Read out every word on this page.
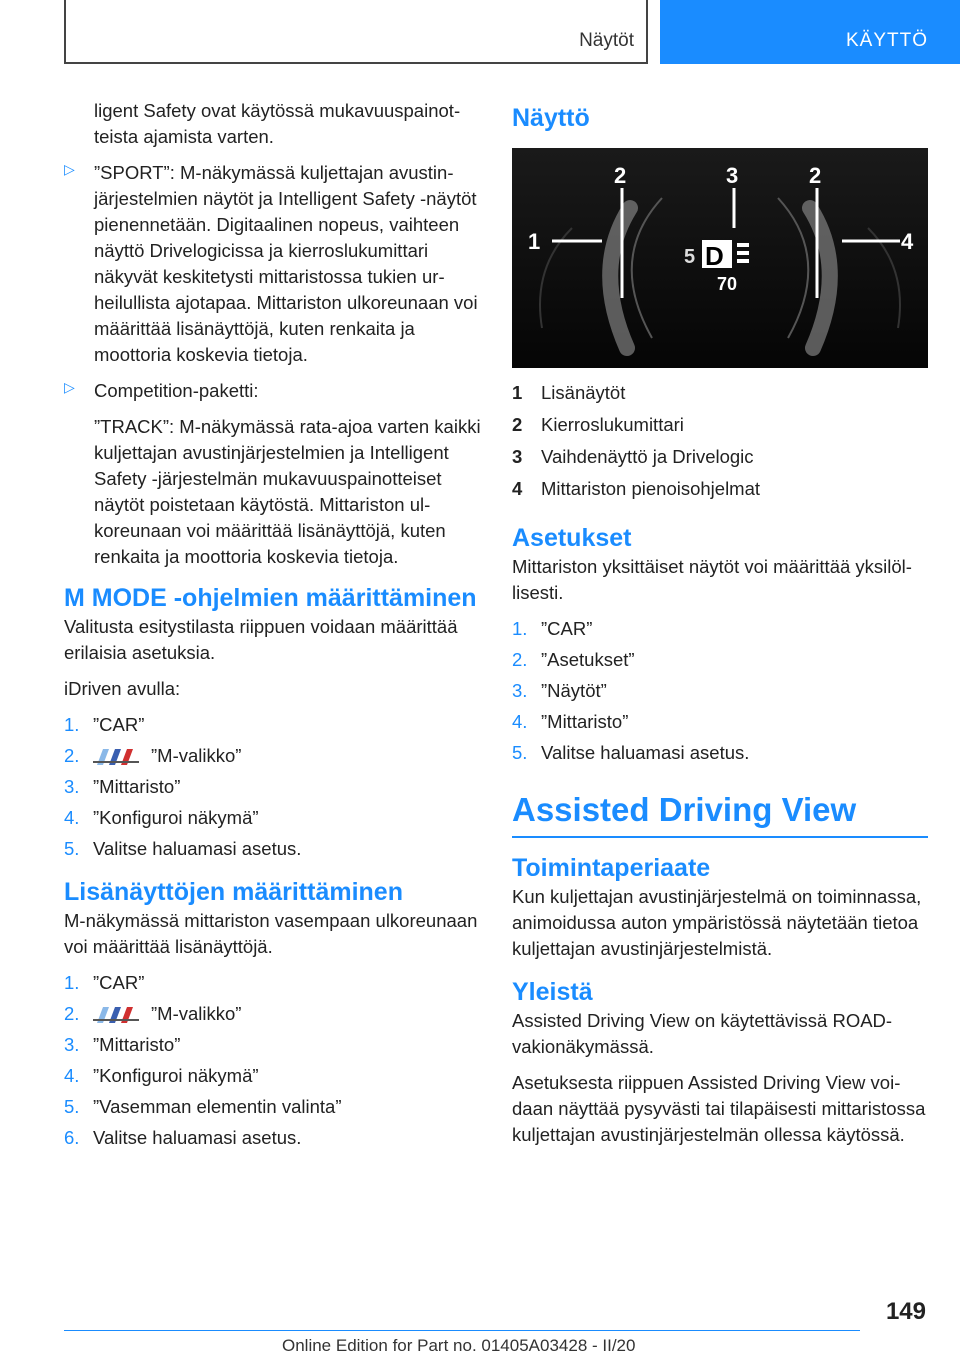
Näytöt	KÄYTTÖ

ligent Safety ovat käytössä mukavuuspainotteista ajamista varten.

▷ ”SPORT”: M-näkymässä kuljettajan avustinjärjestelmien näytöt ja Intelligent Safety -näytöt pienennetään. Digitaalinen nopeus, vaihteen näyttö Drivelogicissa ja kierroslukumittari näkyvät keskitetysti mittaristossa tukien urheilullista ajotapaa. Mittariston ulkoreunaan voi määrittää lisänäyttöjä, kuten renkaita ja moottoria koskevia tietoja.

▷ Competition-paketti:

”TRACK”: M-näkymässä rata-ajoa varten kaikki kuljettajan avustinjärjestelmien ja Intelligent Safety -järjestelmän mukavuuspainotteiset näytöt poistetaan käytöstä. Mittariston ulkoreunaan voi määrittää lisänäyttöjä, kuten renkaita ja moottoria koskevia tietoja.

M MODE -ohjelmien määrittäminen

Valitusta esitystilasta riippuen voidaan määrittää erilaisia asetuksia.

iDriven avulla:

1. ”CAR”
2.	”M-valikko”
3. ”Mittaristo”
4. ”Konfiguroi näkymä”
5. Valitse haluamasi asetus.
Lisänäyttöjen määrittäminen

M-näkymässä mittariston vasempaan ulkoreunaan voi määrittää lisänäyttöjä.

1. ”CAR”
2.	”M-valikko”
3. ”Mittaristo”
4. ”Konfiguroi näkymä”
5. ”Vasemman elementin valinta”
6. Valitse haluamasi asetus.
Näyttö
1
2	3	2
4
5 D
70
1 Lisänäytöt
2 Kierroslukumittari
3 Vaihdenäyttö ja Drivelogic
4 Mittariston pienoisohjelmat
Asetukset

Mittariston yksittäiset näytöt voi määrittää yksilöllisesti.

1. ”CAR”
2. ”Asetukset”
3. ”Näytöt”
4. ”Mittaristo”
5. Valitse haluamasi asetus.
Assisted Driving View
Toimintaperiaate

Kun kuljettajan avustinjärjestelmä on toiminnassa, animoidussa auton ympäristössä näytetään tietoa kuljettajan avustinjärjestelmistä.

Yleistä

Assisted Driving View on käytettävissä ROAD-vakionäkymässä.

Asetuksesta riippuen Assisted Driving View voidaan näyttää pysyvästi tai tilapäisesti mittaristossa kuljettajan avustinjärjestelmän ollessa käytössä.

149
Online Edition for Part no. 01405A03428 - II/20
